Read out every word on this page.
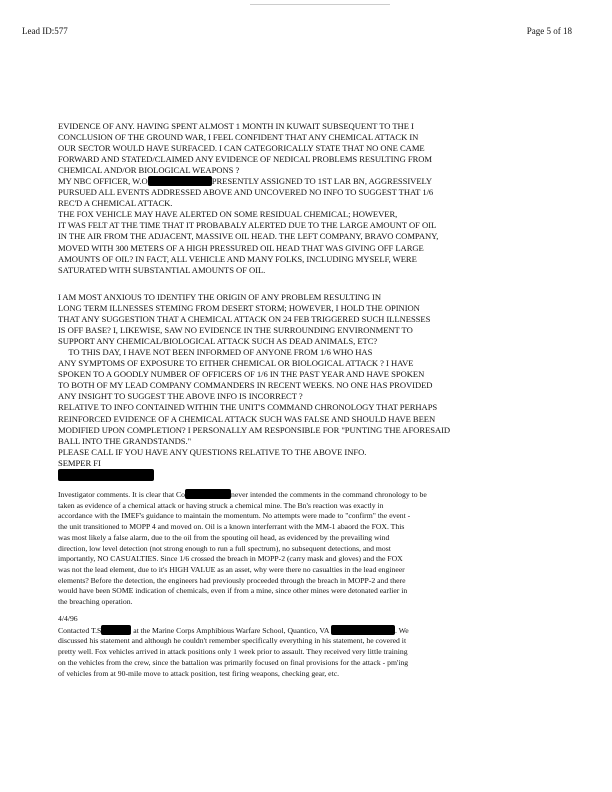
Lead ID:577	Page 5 of 18

EVIDENCE OF ANY. HAVING SPENT ALMOST 1 MONTH IN KUWAIT SUBSEQUENT TO THE I

CONCLUSION OF THE GROUND WAR, I FEEL CONFIDENT THAT ANY CHEMICAL ATTACK IN

OUR SECTOR WOULD HAVE SURFACED. I CAN CATEGORICALLY STATE THAT NO ONE CAME

FORWARD AND STATED/CLAIMED ANY EVIDENCE OF NEDICAL PROBLEMS RESULTING FROM

CHEMICAL AND/OR BIOLOGICAL WEAPONS ?

MY NBC OFFICER, W.O	PRESENTLY ASSIGNED TO 1ST LAR BN, AGGRESSIVELY

PURSUED ALL EVENTS ADDRESSED ABOVE AND UNCOVERED NO INFO TO SUGGEST THAT 1/6

REC'D A CHEMICAL ATTACK.

THE FOX VEHICLE MAY HAVE ALERTED ON SOME RESIDUAL CHEMICAL; HOWEVER,

IT WAS FELT AT THE TIME THAT IT PROBABALY ALERTED DUE TO THE LARGE AMOUNT OF OIL

IN THE AIR FROM THE ADJACENT, MASSIVE OIL HEAD. THE LEFT COMPANY, BRAVO COMPANY,

MOVED WITH 300 METERS OF A HIGH PRESSURED OIL HEAD THAT WAS GIVING OFF LARGE

AMOUNTS OF OIL? IN FACT, ALL VEHICLE AND MANY FOLKS, INCLUDING MYSELF, WERE

SATURATED WITH SUBSTANTIAL AMOUNTS OF OIL.

I AM MOST ANXIOUS TO IDENTIFY THE ORIGIN OF ANY PROBLEM RESULTING IN

LONG TERM ILLNESSES STEMING FROM DESERT STORM; HOWEVER, I HOLD THE OPINION

THAT ANY SUGGESTION THAT A CHEMICAL ATTACK ON 24 FEB TRIGGERED SUCH ILLNESSES

IS OFF BASE? I, LIKEWISE, SAW NO EVIDENCE IN THE SURROUNDING ENVIRONMENT TO

SUPPORT ANY CHEMICAL/BIOLOGICAL ATTACK SUCH AS DEAD ANIMALS, ETC?

TO THIS DAY, I HAVE NOT BEEN INFORMED OF ANYONE FROM 1/6 WHO HAS

ANY SYMPTOMS OF EXPOSURE TO EITHER CHEMICAL OR BIOLOGICAL ATTACK ? I HAVE

SPOKEN TO A GOODLY NUMBER OF OFFICERS OF 1/6 IN THE PAST YEAR AND HAVE SPOKEN

TO BOTH OF MY LEAD COMPANY COMMANDERS IN RECENT WEEKS. NO ONE HAS PROVIDED

ANY INSIGHT TO SUGGEST THE ABOVE INFO IS INCORRECT ?

RELATIVE TO INFO CONTAINED WITHIN THE UNIT'S COMMAND CHRONOLOGY THAT PERHAPS

REINFORCED EVIDENCE OF A CHEMICAL ATTACK SUCH WAS FALSE AND SHOULD HAVE BEEN

MODIFIED UPON COMPLETION? I PERSONALLY AM RESPONSIBLE FOR "PUNTING THE AFORESAID

BALL INTO THE GRANDSTANDS."

PLEASE CALL IF YOU HAVE ANY QUESTIONS RELATIVE TO THE ABOVE INFO.

SEMPER FI

Investigator comments. It is clear that Co	never intended the comments in the command chronology to be

taken as evidence of a chemical attack or having struck a chemical mine. The Bn's reaction was exactly in

accordance with the IMEF's guidance to maintain the momentum. No attempts were made to "confirm" the event -

the unit transitioned to MOPP 4 and moved on. Oil is a known interferrant with the MM-1 abaord the FOX. This

was most likely a false alarm, due to the oil from the spouting oil head, as evidenced by the prevailing wind

direction, low level detection (not strong enough to run a full spectrum), no subsequent detections, and most

importantly, NO CASUALTIES. Since 1/6 crossed the breach in MOPP-2 (carry mask and gloves) and the FOX

was not the lead element, due to it's HIGH VALUE as an asset, why were there no casualties in the lead engineer

elements? Before the detection, the engineers had previously proceeded through the breach in MOPP-2 and there

would have been SOME indication of chemicals, even if from a mine, since other mines were detonated earlier in

the breaching operation.

4/4/96

Contacted T.S	at the Marine Corps Amphibious Warfare School, Quantico, VA	. We

discussed his statement and although he couldn't remember specifically everything in his statement, he covered it

pretty well. Fox vehicles arrived in attack positions only 1 week prior to assault. They received very little training

on the vehicles from the crew, since the battalion was primarily focused on final provisions for the attack - pm'ing

of vehicles from at 90-mile move to attack position, test firing weapons, checking gear, etc.
